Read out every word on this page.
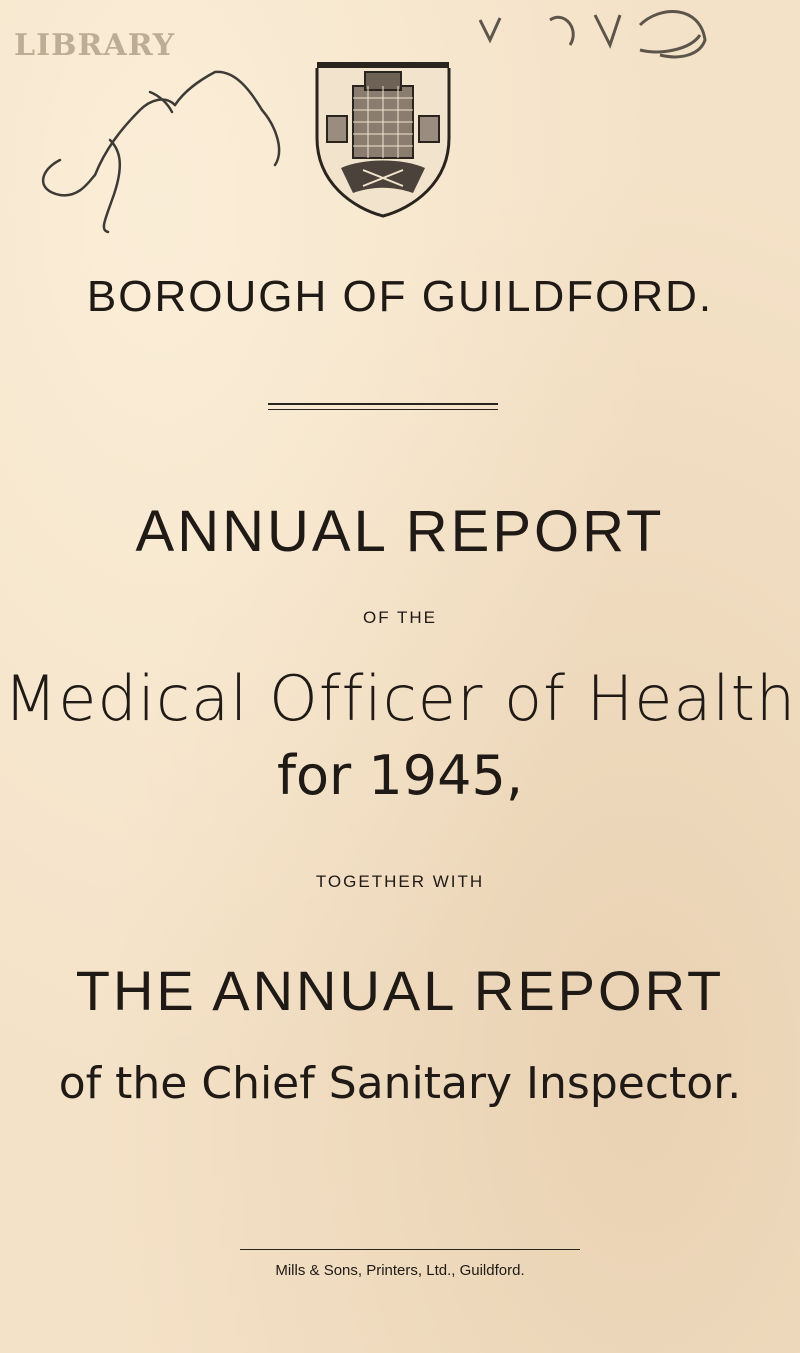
LIBRARY
BOROUGH OF GUILDFORD.
ANNUAL REPORT
OF THE
Medical Officer of Health
for 1945,
TOGETHER WITH
THE ANNUAL REPORT
of the Chief Sanitary Inspector.
Mills & Sons, Printers, Ltd., Guildford.
